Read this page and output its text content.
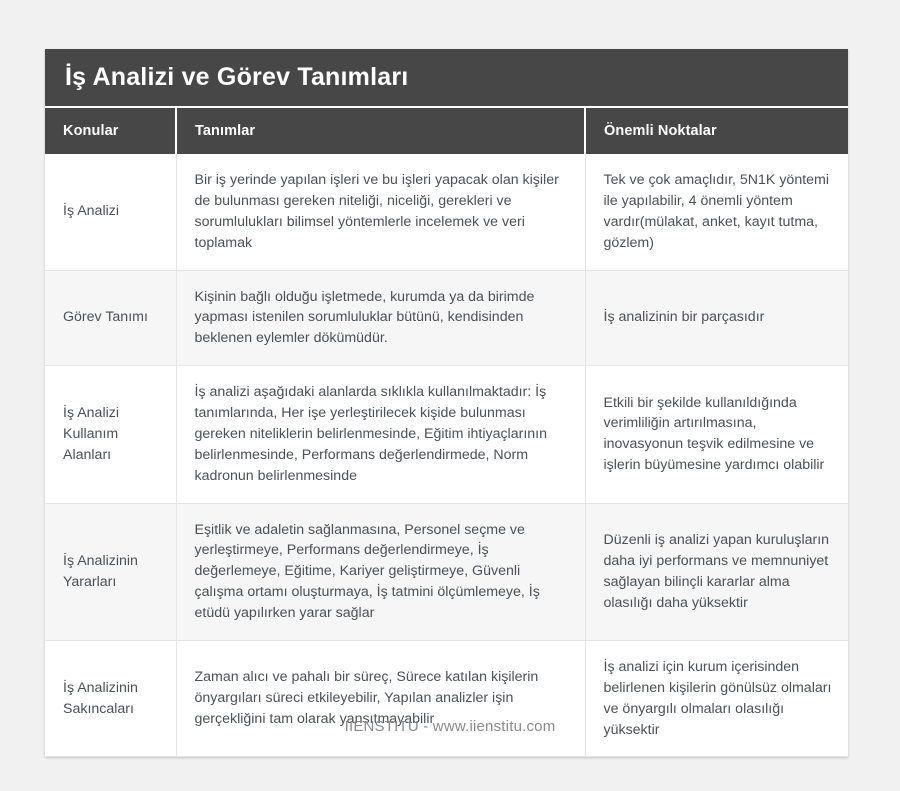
İş Analizi ve Görev Tanımları
Konular	Tanımlar	Önemli Noktalar
İş Analizi	Bir iş yerinde yapılan işleri ve bu işleri yapacak olan kişiler de bulunması gereken niteliği, niceliği, gerekleri ve sorumlulukları bilimsel yöntemlerle incelemek ve veri toplamak	Tek ve çok amaçlıdır, 5N1K yöntemi ile yapılabilir, 4 önemli yöntem vardır(mülakat, anket, kayıt tutma, gözlem)
Görev Tanımı	Kişinin bağlı olduğu işletmede, kurumda ya da birimde yapması istenilen sorumluluklar bütünü, kendisinden beklenen eylemler dökümüdür.	İş analizinin bir parçasıdır
İş Analizi Kullanım Alanları	İş analizi aşağıdaki alanlarda sıklıkla kullanılmaktadır: İş tanımlarında, Her işe yerleştirilecek kişide bulunması gereken niteliklerin belirlenmesinde, Eğitim ihtiyaçlarının belirlenmesinde, Performans değerlendirmede, Norm kadronun belirlenmesinde	Etkili bir şekilde kullanıldığında verimliliğin artırılmasına, inovasyonun teşvik edilmesine ve işlerin büyümesine yardımcı olabilir
İş Analizinin Yararları	Eşitlik ve adaletin sağlanmasına, Personel seçme ve yerleştirmeye, Performans değerlendirmeye, İş değerlemeye, Eğitime, Kariyer geliştirmeye, Güvenli çalışma ortamı oluşturmaya, İş tatmini ölçümlemeye, İş etüdü yapılırken yarar sağlar	Düzenli iş analizi yapan kuruluşların daha iyi performans ve memnuniyet sağlayan bilinçli kararlar alma olasılığı daha yüksektir
İş Analizinin Sakıncaları	Zaman alıcı ve pahalı bir süreç, Sürece katılan kişilerin önyargıları süreci etkileyebilir, Yapılan analizler işin gerçekliğini tam olarak yansıtmayabilir	İş analizi için kurum içerisinden belirlenen kişilerin gönülsüz olmaları ve önyargılı olmaları olasılığı yüksektir
IIENSTITU - www.iienstitu.com
